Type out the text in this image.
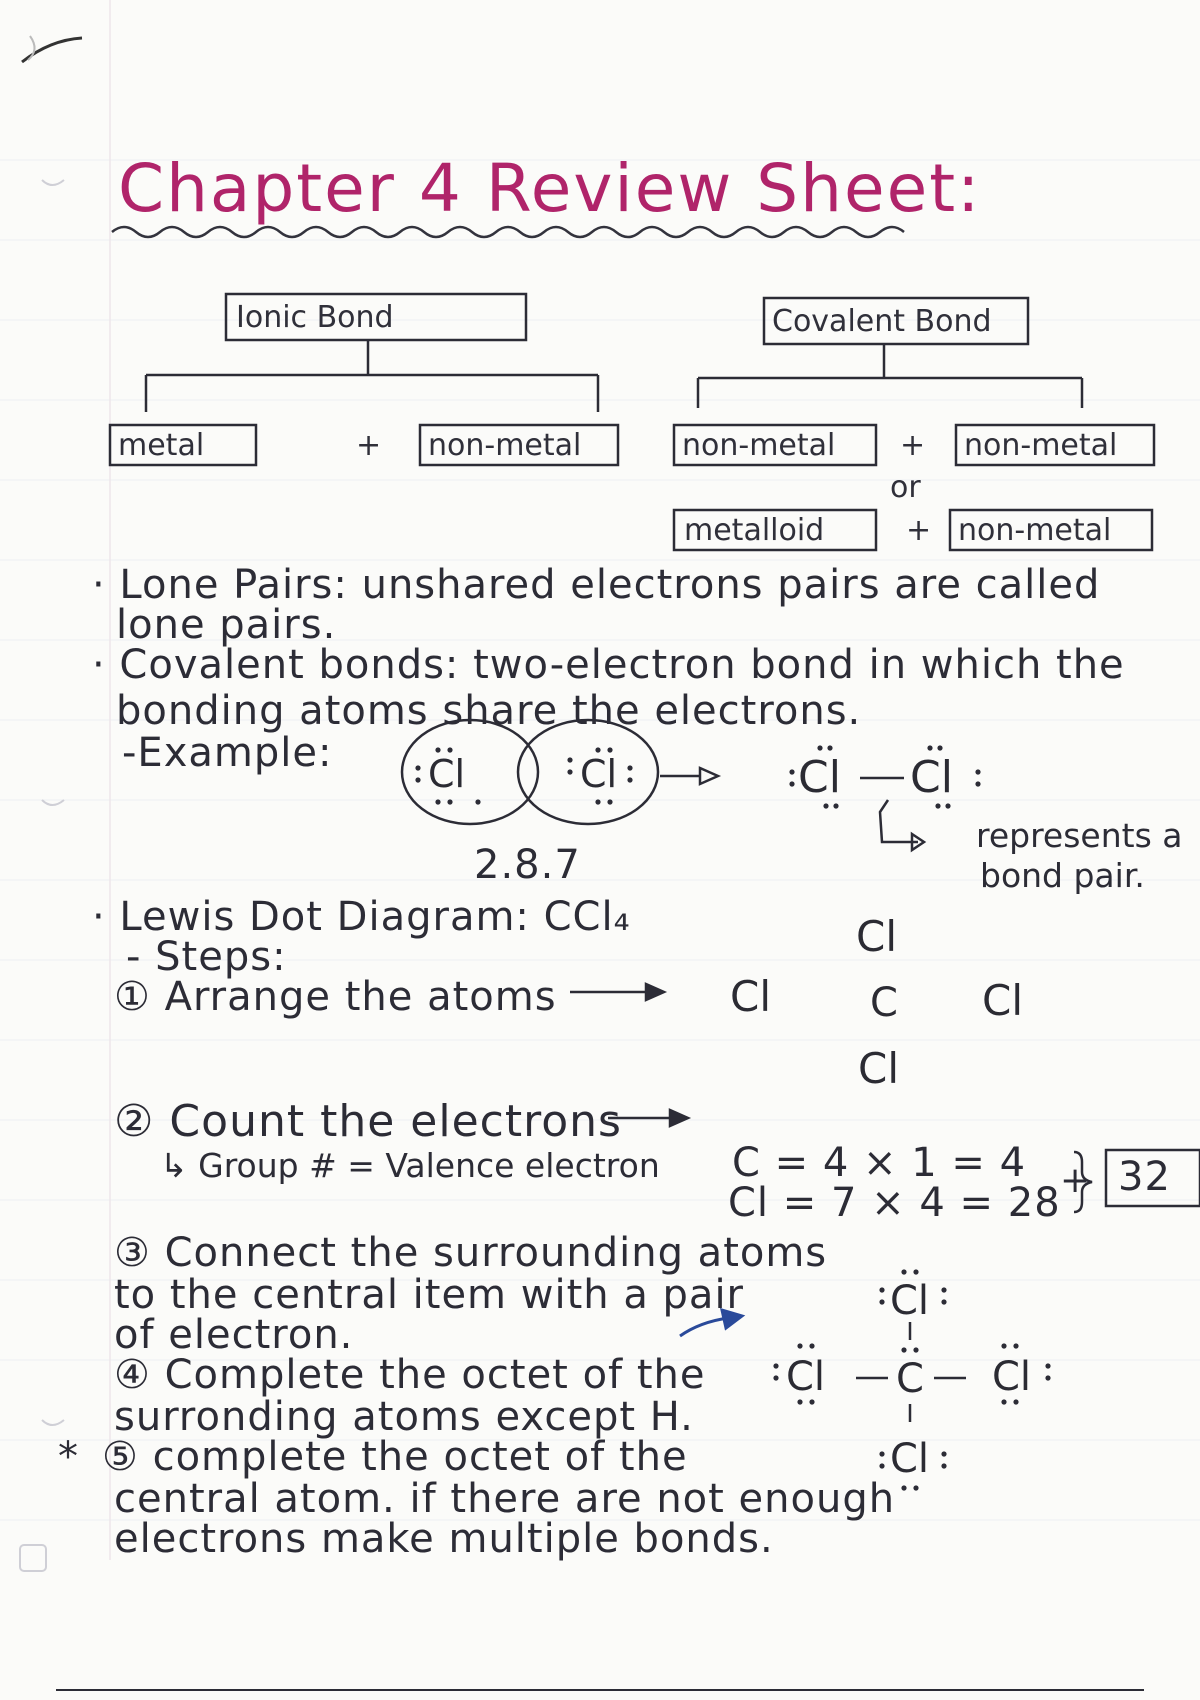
Chapter 4 Review Sheet:
Ionic Bond
metal	+ non-metal
Covalent Bond
non-metal + non-metal
or
metalloid	+ non-metal
· Lone Pairs: unshared electrons pairs are called
lone pairs.
· Covalent bonds: two-electron bond in which the
bonding atoms share the electrons.
-Example:	Cl	Cl
2.8.7
Cl Cl
represents a
bond pair.
· Lewis Dot Diagram: CCl₄
- Steps:
① Arrange the atoms
Cl
Cl C Cl
Cl
② Count the electrons
↳ Group # = Valence electron C = 4 × 1 = 4
Cl = 7 × 4 = 28 + 32
③ Connect the surrounding atoms
to the central item with a pair
of electron.
④ Complete the octet of the
surronding atoms except H.
* ⑤ complete the octet of the
central atom. if there are not enough
electrons make multiple bonds.
Cl
Cl C Cl
Cl
